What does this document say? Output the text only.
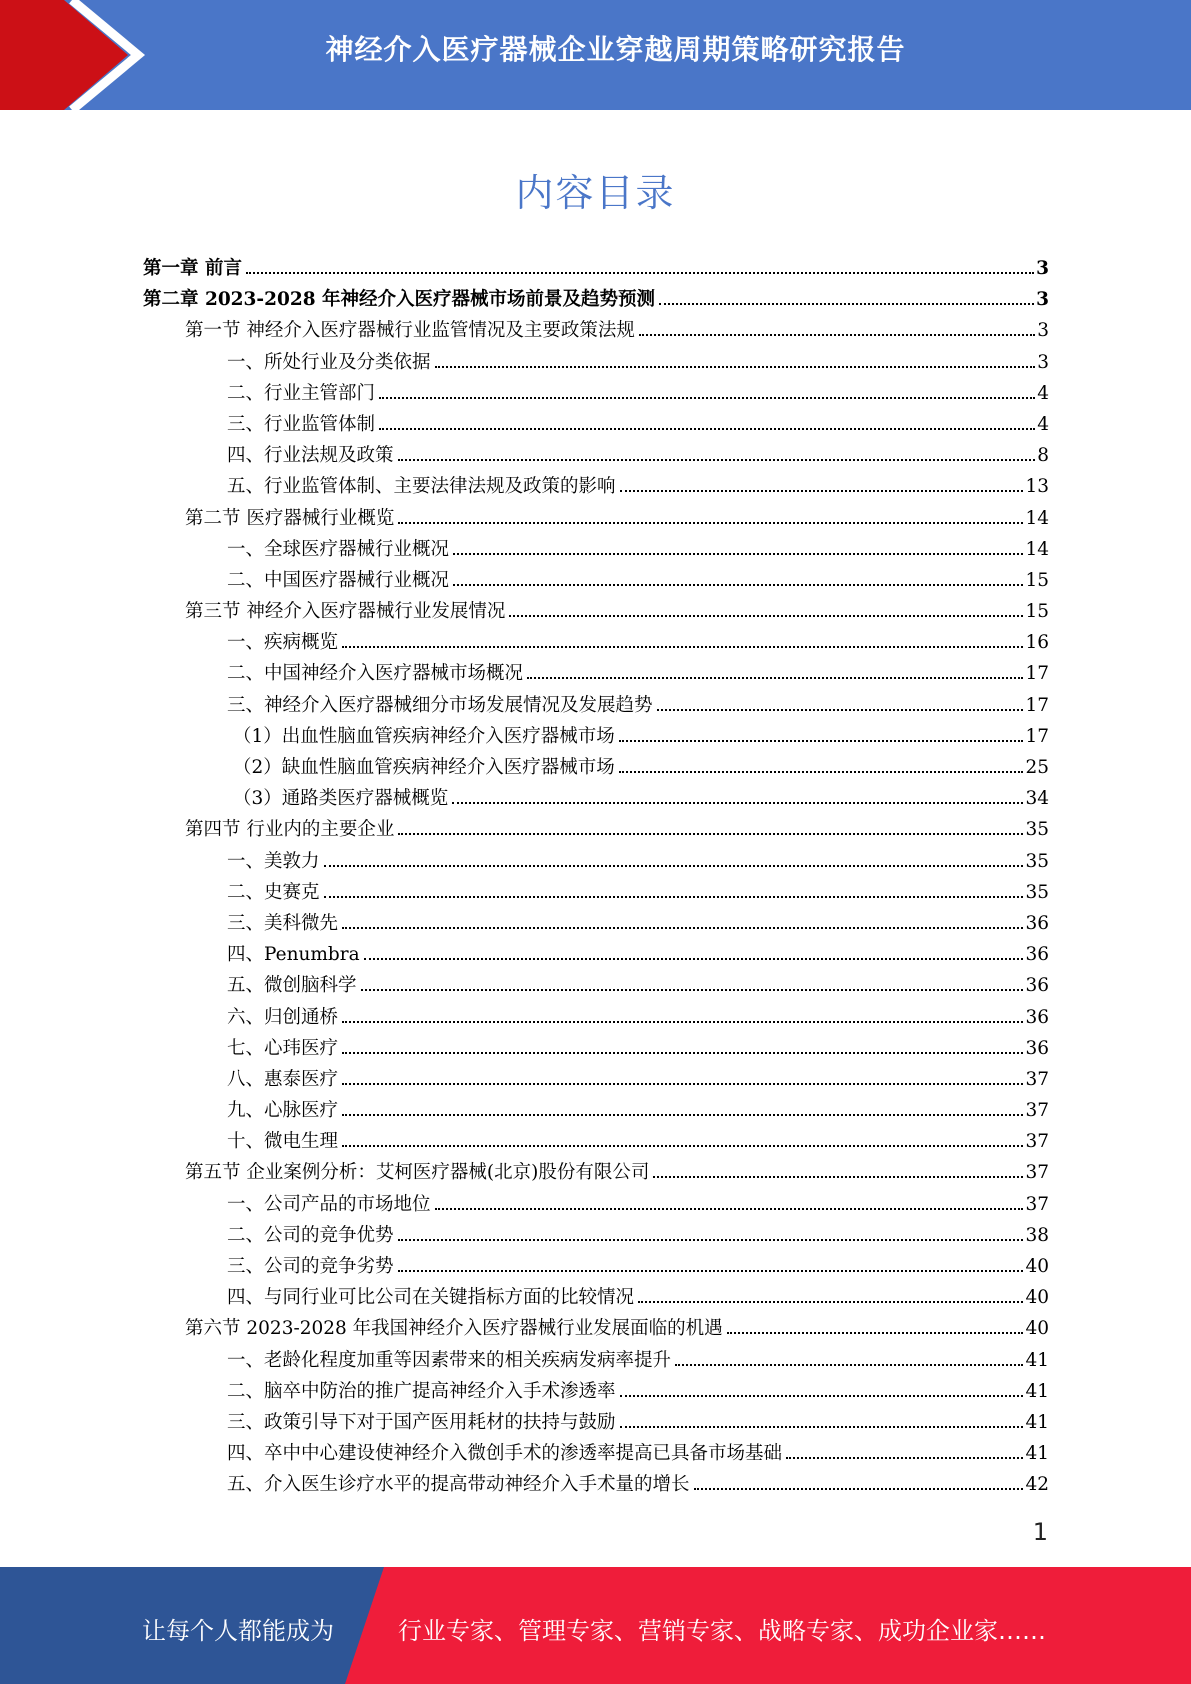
神经介入医疗器械企业穿越周期策略研究报告
内容目录
第一章 前言	3
第二章 2023-2028 年神经介入医疗器械市场前景及趋势预测	3
第一节 神经介入医疗器械行业监管情况及主要政策法规	3
一、所处行业及分类依据	3
二、行业主管部门	4
三、行业监管体制	4
四、行业法规及政策	8
五、行业监管体制、主要法律法规及政策的影响	13
第二节 医疗器械行业概览	14
一、全球医疗器械行业概况	14
二、中国医疗器械行业概况	15
第三节 神经介入医疗器械行业发展情况	15
一、疾病概览	16
二、中国神经介入医疗器械市场概况	17
三、神经介入医疗器械细分市场发展情况及发展趋势	17
（1）出血性脑血管疾病神经介入医疗器械市场	17
（2）缺血性脑血管疾病神经介入医疗器械市场	25
（3）通路类医疗器械概览	34
第四节 行业内的主要企业	35
一、美敦力	35
二、史赛克	35
三、美科微先	36
四、Penumbra	36
五、微创脑科学	36
六、归创通桥	36
七、心玮医疗	36
八、惠泰医疗	37
九、心脉医疗	37
十、微电生理	37
第五节 企业案例分析：艾柯医疗器械(北京)股份有限公司	37
一、公司产品的市场地位	37
二、公司的竞争优势	38
三、公司的竞争劣势	40
四、与同行业可比公司在关键指标方面的比较情况	40
第六节 2023-2028 年我国神经介入医疗器械行业发展面临的机遇	40
一、老龄化程度加重等因素带来的相关疾病发病率提升	41
二、脑卒中防治的推广提高神经介入手术渗透率	41
三、政策引导下对于国产医用耗材的扶持与鼓励	41
四、卒中中心建设使神经介入微创手术的渗透率提高已具备市场基础	41
五、介入医生诊疗水平的提高带动神经介入手术量的增长	42
1
让每个人都能成为	行业专家、管理专家、营销专家、战略专家、成功企业家……
